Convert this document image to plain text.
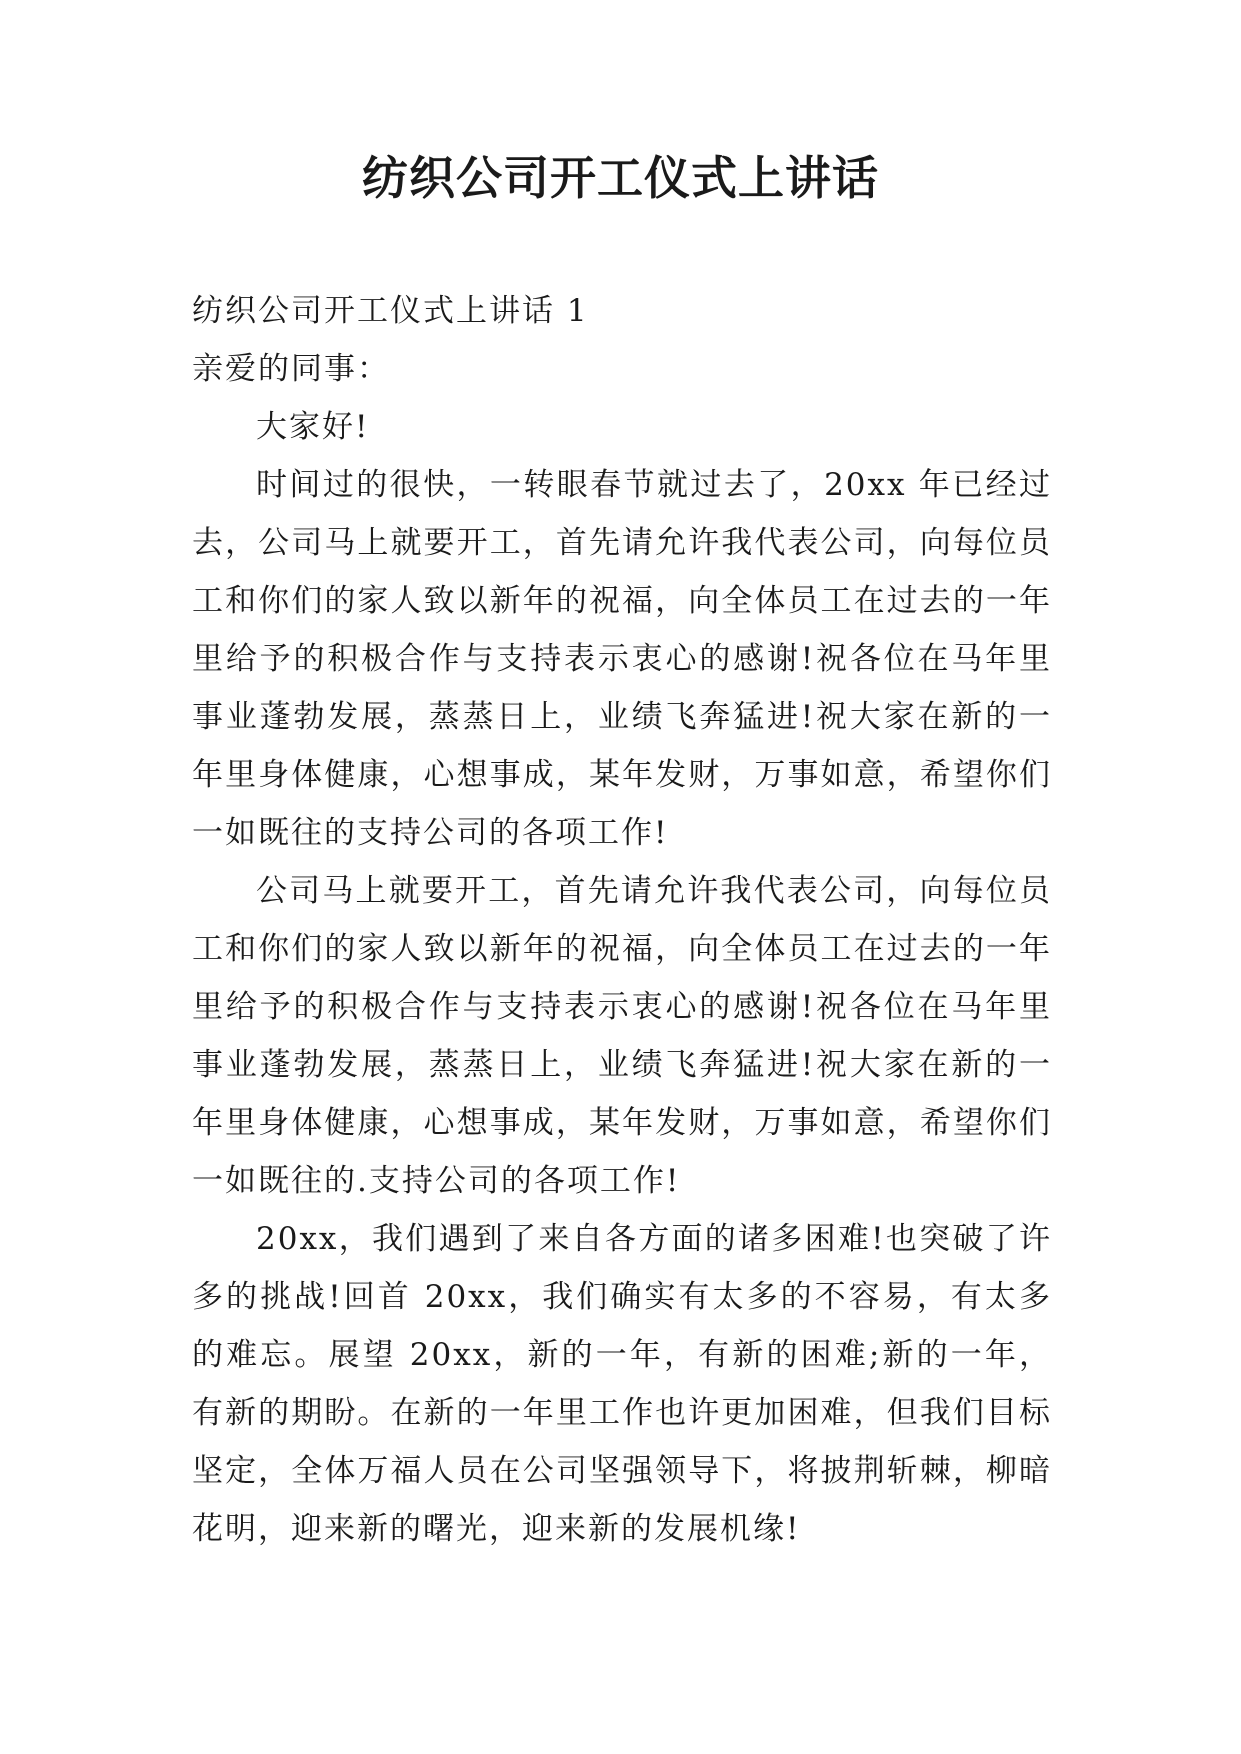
纺织公司开工仪式上讲话

纺织公司开工仪式上讲话 1

亲爱的同事：

大家好!

时间过的很快，一转眼春节就过去了，20xx 年已经过去，公司马上就要开工，首先请允许我代表公司，向每位员工和你们的家人致以新年的祝福，向全体员工在过去的一年里给予的积极合作与支持表示衷心的感谢!祝各位在马年里事业蓬勃发展，蒸蒸日上，业绩飞奔猛进!祝大家在新的一年里身体健康，心想事成，某年发财，万事如意，希望你们一如既往的支持公司的各项工作!

公司马上就要开工，首先请允许我代表公司，向每位员工和你们的家人致以新年的祝福，向全体员工在过去的一年里给予的积极合作与支持表示衷心的感谢!祝各位在马年里事业蓬勃发展，蒸蒸日上，业绩飞奔猛进!祝大家在新的一年里身体健康，心想事成，某年发财，万事如意，希望你们一如既往的.支持公司的各项工作!

20xx，我们遇到了来自各方面的诸多困难!也突破了许多的挑战!回首 20xx，我们确实有太多的不容易，有太多的难忘。展望 20xx，新的一年，有新的困难;新的一年，有新的期盼。在新的一年里工作也许更加困难，但我们目标坚定，全体万福人员在公司坚强领导下，将披荆斩棘，柳暗花明，迎来新的曙光，迎来新的发展机缘!
